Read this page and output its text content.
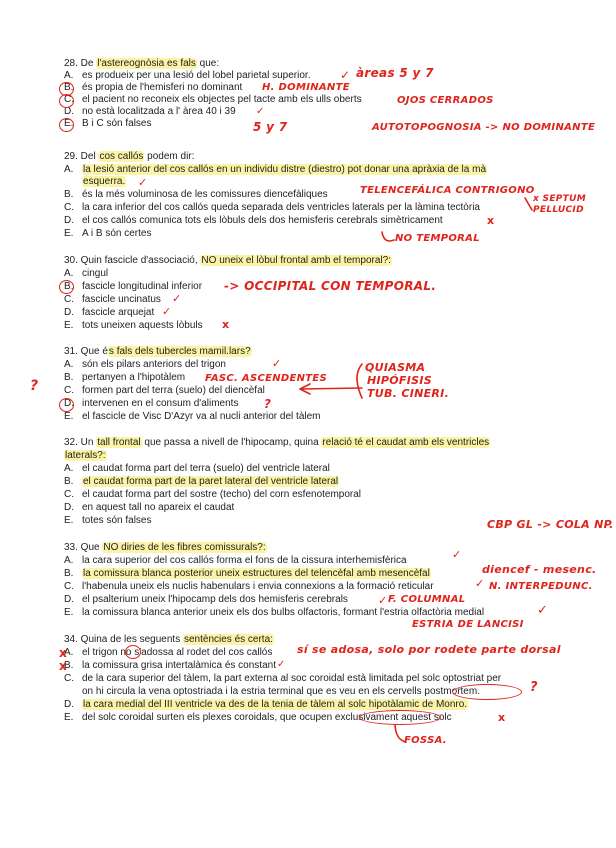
28. De l'astereognòsia es fals que:
A. es produeix per una lesió del lobel parietal superior.
B. és propia de l'hemisferi no dominant
C. el pacient no reconeix els objectes pel tacte amb els ulls oberts
D. no està localitzada a l' àrea 40 i 39
E. B i C són falses
29. Del cos callós podem dir:
A. la lesió anterior del cos callós en un individu distre (diestro) pot donar una apràxia de la mà
esquerra.
B. és la més voluminosa de les comissures diencefàliques
C. la cara inferior del cos callós queda separada dels ventricles laterals per la làmina tectòria
D. el cos callós comunica tots els lòbuls dels dos hemisferis cerebrals simètricament
E. A i B són certes
30. Quin fascicle d'associació, NO uneix el lòbul frontal amb el temporal?:
A. cingul
B. fascicle longitudinal inferior
C. fascicle uncinatus
D. fascicle arquejat
E. tots uneixen aquests lòbuls
31. Que és fals dels tubercles mamil.lars?
A. són els pilars anteriors del trigon
B. pertanyen a l'hipotàlem
C. formen part del terra (suelo) del diencèfal
D. intervenen en el consum d'aliments
E. el fascicle de Visc D'Azyr va al nucli anterior del tàlem
32. Un tall frontal que passa a nivell de l'hipocamp, quina relació té el caudat amb els ventricles
laterals?:
A. el caudat forma part del terra (suelo) del ventricle lateral
B. el caudat forma part de la paret lateral del ventricle lateral
C. el caudat forma part del sostre (techo) del corn esfenotemporal
D. en aquest tall no apareix el caudat
E. totes són falses
33. Que NO diries de les fibres comissurals?:
A. la cara superior del cos callós forma el fons de la cissura interhemisfèrica
B. la comissura blanca posterior uneix estructures del telencèfal amb mesencèfal
C. l'habenula uneix els nuclis habenulars i envia connexions a la formació reticular
D. el psalterium uneix l'hipocamp dels dos hemisferis cerebrals
E. la comissura blanca anterior uneix els dos bulbs olfactoris, formant l'estria olfactòria medial
34. Quina de les seguents sentències és certa:
A. el trigon no s'adossa al rodet del cos callós
B. la comissura grisa intertalàmica és constant
C. de la cara superior del tàlem, la part externa al soc coroidal està limitada pel solc optostriat per
on hi circula la vena optostriada i la estria terminal que es veu en els cervells postmortem.
D. la cara medial del III ventricle va des de la tenia de tàlem al solc hipotàlamic de Monro.
E. del solc coroidal surten els plexes coroidals, que ocupen exclusivament aquest solc
àreas 5 y 7
H. DOMINANTE
OJOS CERRADOS
5 y 7	AUTOTOPOGNOSIA -> NO DOMINANTE
TELENCEFÁLICA CONTRIGONO
x SEPTUM PELLUCID
NO TEMPORAL
-> OCCIPITAL CON TEMPORAL.
QUIASMA
HIPÓFISIS
TUB. CINERI.
FASC. ASCENDENTES
?
?
CBP GL -> COLA NP.
diencef - mesenc.
N. INTERPEDUNC.
F. COLUMNAL
ESTRIA DE LANCISI
sí se adosa, solo por rodete parte dorsal
FOSSA.
?
✓
✓
✓
x
✓
✓
x
✓
✓
✓
✓
✓
x
x	✓
x
